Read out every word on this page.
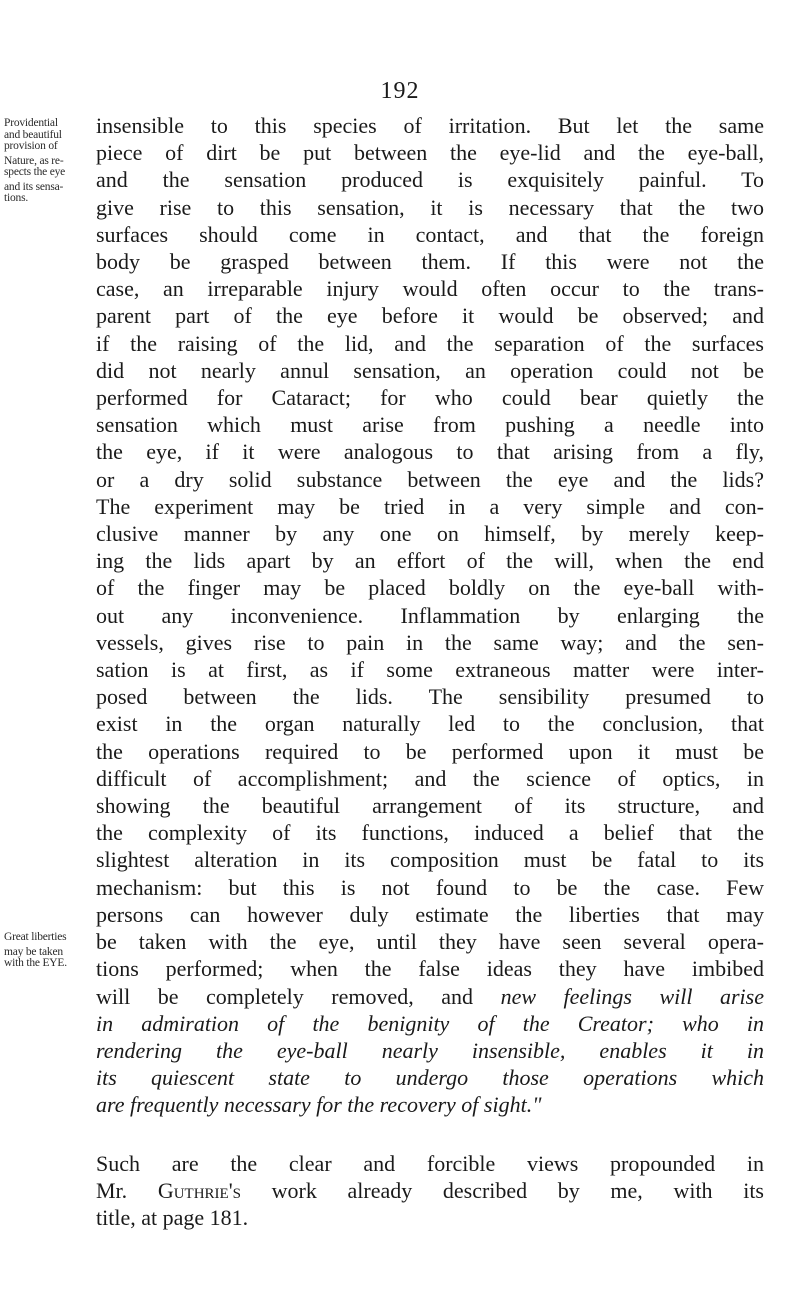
192
Providential
and beautiful
provision of
Nature, as re-
spects the eye
and its sensa-
tions.
Great liberties
may be taken
with the EYE.
insensible to this species of irritation. But let the same
piece of dirt be put between the eye-lid and the eye-ball,
and the sensation produced is exquisitely painful. To
give rise to this sensation, it is necessary that the two
surfaces should come in contact, and that the foreign
body be grasped between them. If this were not the
case, an irreparable injury would often occur to the trans-
parent part of the eye before it would be observed; and
if the raising of the lid, and the separation of the surfaces
did not nearly annul sensation, an operation could not be
performed for Cataract; for who could bear quietly the
sensation which must arise from pushing a needle into
the eye, if it were analogous to that arising from a fly,
or a dry solid substance between the eye and the lids?
The experiment may be tried in a very simple and con-
clusive manner by any one on himself, by merely keep-
ing the lids apart by an effort of the will, when the end
of the finger may be placed boldly on the eye-ball with-
out any inconvenience. Inflammation by enlarging the
vessels, gives rise to pain in the same way; and the sen-
sation is at first, as if some extraneous matter were inter-
posed between the lids. The sensibility presumed to
exist in the organ naturally led to the conclusion, that
the operations required to be performed upon it must be
difficult of accomplishment; and the science of optics, in
showing the beautiful arrangement of its structure, and
the complexity of its functions, induced a belief that the
slightest alteration in its composition must be fatal to its
mechanism: but this is not found to be the case. Few
persons can however duly estimate the liberties that may
be taken with the eye, until they have seen several opera-
tions performed; when the false ideas they have imbibed
will be completely removed, and new feelings will arise
in admiration of the benignity of the Creator; who in
rendering the eye-ball nearly insensible, enables it in
its quiescent state to undergo those operations which
are frequently necessary for the recovery of sight."
Such are the clear and forcible views propounded in
Mr. Guthrie's work already described by me, with its
title, at page 181.
